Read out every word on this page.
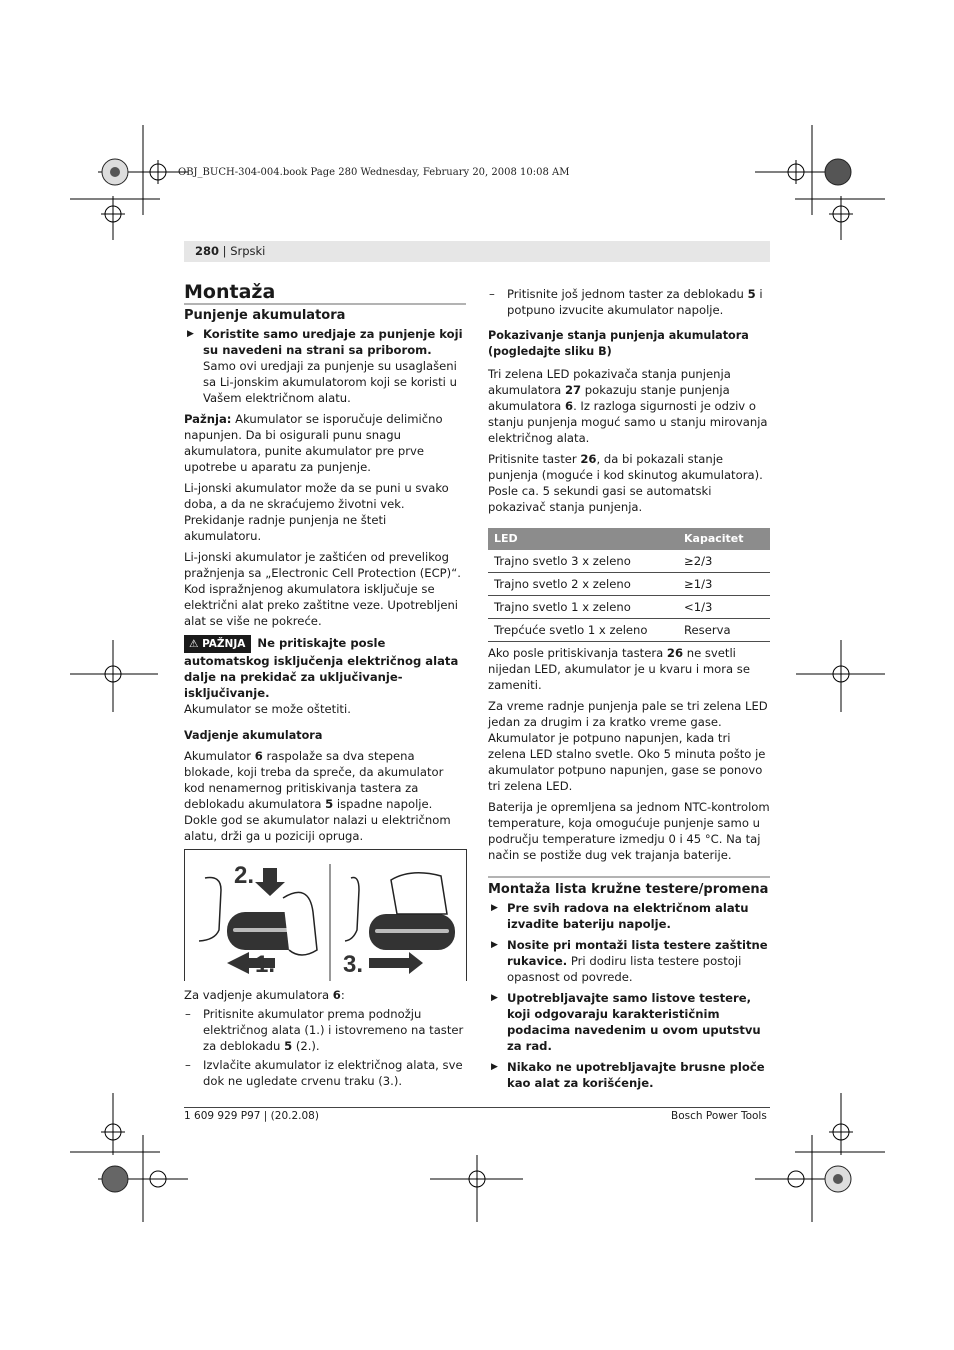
OBJ_BUCH-304-004.book Page 280 Wednesday, February 20, 2008 10:08 AM
280 | Srpski
Montaža
Punjenje akumulatora
▶ Koristite samo uredjaje za punjenje koji su navedeni na strani sa priborom. Samo ovi uredjaji za punjenje su usaglašeni sa Li-jonskim akumulatorom koji se koristi u Vašem električnom alatu.

Pažnja: Akumulator se isporučuje delimično napunjen. Da bi osigurali punu snagu akumulatora, punite akumulator pre prve upotrebe u aparatu za punjenje.

Li-jonski akumulator može da se puni u svako doba, a da ne skraćujemo životni vek. Prekidanje radnje punjenja ne šteti akumulatoru.

Li-jonski akumulator je zaštićen od prevelikog pražnjenja sa „Electronic Cell Protection (ECP)“. Kod ispražnjenog akumulatora isključuje se električni alat preko zaštitne veze. Upotrebljeni alat se više ne pokreće.

⚠ PAŽNJA Ne pritiskajte posle automatskog isključenja električnog alata dalje na prekidač za uključivanje-isključivanje.
Akumulator se može oštetiti.

Vadjenje akumulatora

Akumulator 6 raspolaže sa dva stepena blokade, koji treba da spreče, da akumulator kod nenamernog pritiskivanja tastera za deblokadu akumulatora 5 ispadne napolje. Dokle god se akumulator nalazi u električnom alatu, drži ga u poziciji opruga.

2.
1.	3.

Za vadjenje akumulatora 6:

– Pritisnite akumulator prema podnožju električnog alata (1.) i istovremeno na taster za deblokadu 5 (2.).
– Izvlačite akumulator iz električnog alata, sve dok ne ugledate crvenu traku (3.).
– Pritisnite još jednom taster za deblokadu 5 i potpuno izvucite akumulator napolje.
Pokazivanje stanja punjenja akumulatora (pogledajte sliku B)

Tri zelena LED pokazivača stanja punjenja akumulatora 27 pokazuju stanje punjenja akumulatora 6. Iz razloga sigurnosti je odziv o stanju punjenja moguć samo u stanju mirovanja električnog alata.

Pritisnite taster 26, da bi pokazali stanje punjenja (moguće i kod skinutog akumulatora). Posle ca. 5 sekundi gasi se automatski pokazivač stanja punjenja.

LED	Kapacitet
Trajno svetlo 3 x zeleno	≥2/3
Trajno svetlo 2 x zeleno	≥1/3
Trajno svetlo 1 x zeleno	<1/3
Trepćuće svetlo 1 x zeleno	Reserva

Ako posle pritiskivanja tastera 26 ne svetli nijedan LED, akumulator je u kvaru i mora se zameniti.

Za vreme radnje punjenja pale se tri zelena LED jedan za drugim i za kratko vreme gase. Akumulator je potpuno napunjen, kada tri zelena LED stalno svetle. Oko 5 minuta pošto je akumulator potpuno napunjen, gase se ponovo tri zelena LED.

Baterija je opremljena sa jednom NTC-kontrolom temperature, koja omogućuje punjenje samo u području temperature izmedju 0 i 45 °C. Na taj način se postiže dug vek trajanja baterije.

Montaža lista kružne testere/promena
▶ Pre svih radova na električnom alatu izvadite bateriju napolje.
▶ Nosite pri montaži lista testere zaštitne rukavice. Pri dodiru lista testere postoji opasnost od povrede.
▶ Upotrebljavajte samo listove testere, koji odgovaraju karakterističnim podacima navedenim u ovom uputstvu za rad.
▶ Nikako ne upotrebljavajte brusne ploče kao alat za korišćenje.
1 609 929 P97 | (20.2.08)	Bosch Power Tools
